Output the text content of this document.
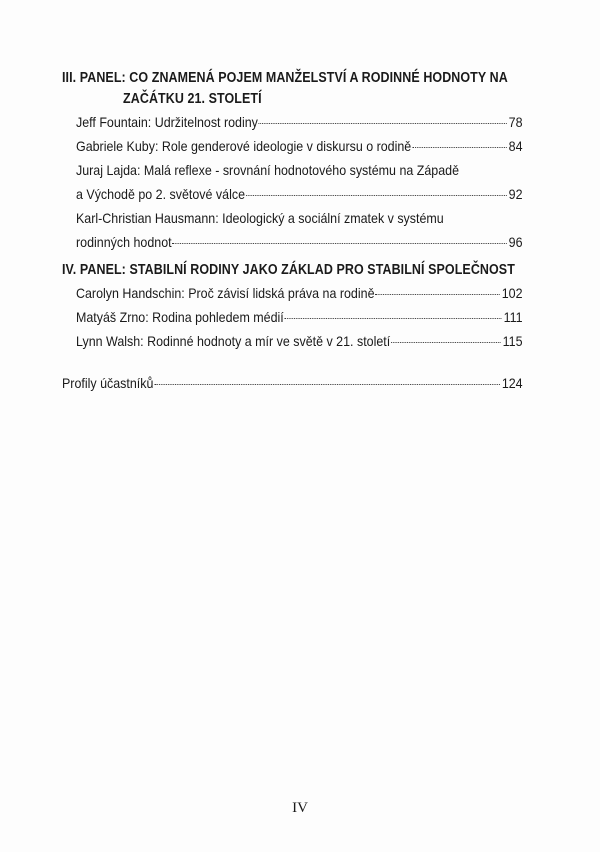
III. PANEL: CO ZNAMENÁ POJEM MANŽELSTVÍ A RODINNÉ HODNOTY NA
ZAČÁTKU 21. STOLETÍ
Jeff Fountain: Udržitelnost rodiny	78
Gabriele Kuby: Role genderové ideologie v diskursu o rodině	84
Juraj Lajda: Malá reflexe - srovnání hodnotového systému na Západě
a Východě po 2. světové válce	92
Karl-Christian Hausmann: Ideologický a sociální zmatek v systému
rodinných hodnot	96
IV. PANEL: STABILNÍ RODINY JAKO ZÁKLAD PRO STABILNÍ SPOLEČNOST
Carolyn Handschin: Proč závisí lidská práva na rodině	102
Matyáš Zrno: Rodina pohledem médií	111
Lynn Walsh: Rodinné hodnoty a mír ve světě v 21. století	115
Profily účastníků	124
IV
